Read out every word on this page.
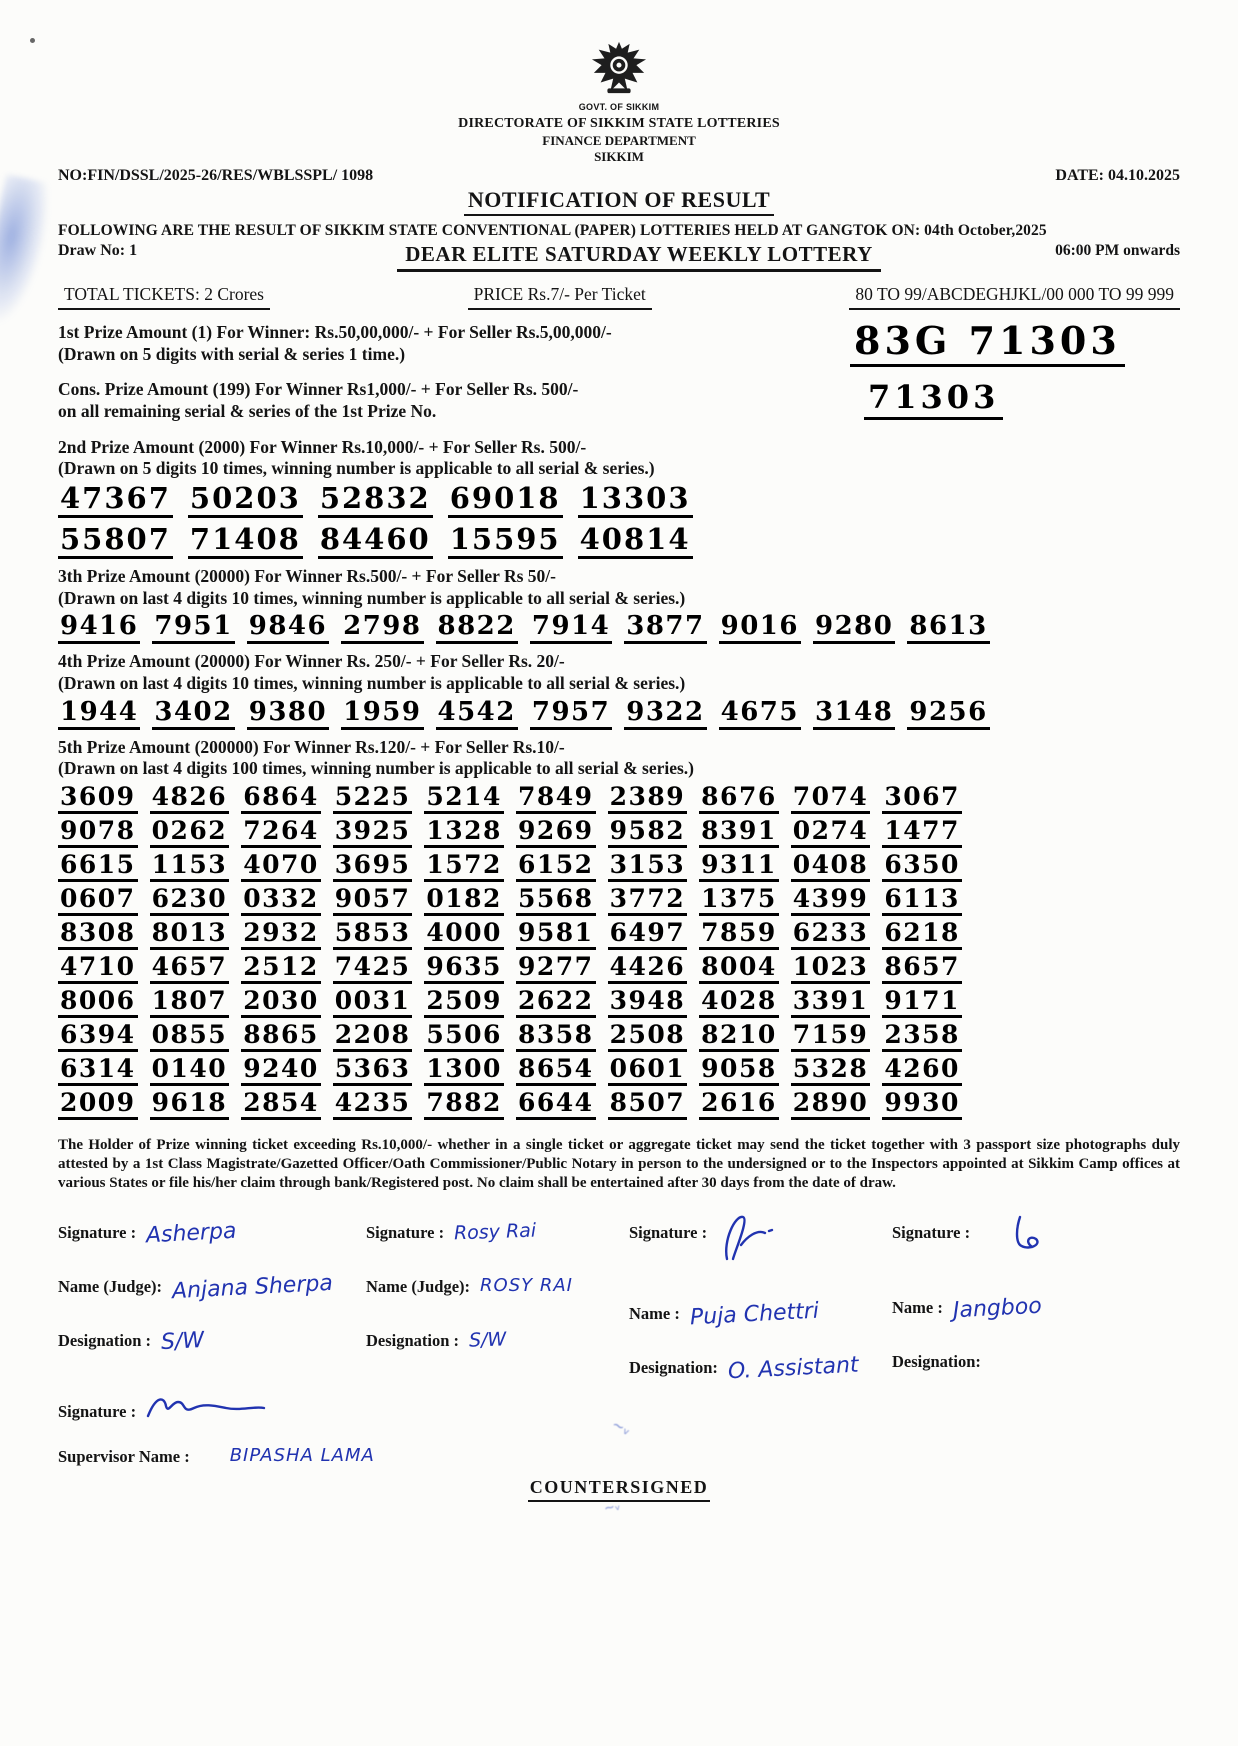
~ᵥ
~ᵥ
GOVT. OF SIKKIM
DIRECTORATE OF SIKKIM STATE LOTTERIES
FINANCE DEPARTMENT
SIKKIM
NO:FIN/DSSL/2025-26/RES/WBLSSPL/ 1098	DATE: 04.10.2025
NOTIFICATION OF RESULT
FOLLOWING ARE THE RESULT OF SIKKIM STATE CONVENTIONAL (PAPER) LOTTERIES HELD AT GANGTOK ON: 04th October,2025
Draw No: 1	DEAR ELITE SATURDAY WEEKLY LOTTERY	06:00 PM onwards
TOTAL TICKETS: 2 Crores	PRICE Rs.7/- Per Ticket	80 TO 99/ABCDEGHJKL/00 000 TO 99 999
1st Prize Amount (1) For Winner: Rs.50,00,000/- + For Seller Rs.5,00,000/-
(Drawn on 5 digits with serial & series 1 time.)	83G 71303
Cons. Prize Amount (199) For Winner Rs1,000/- + For Seller Rs. 500/-
on all remaining serial & series of the 1st Prize No.	71303
2nd Prize Amount (2000) For Winner Rs.10,000/- + For Seller Rs. 500/-
(Drawn on 5 digits 10 times, winning number is applicable to all serial & series.)
47367 50203 52832 69018 13303
55807 71408 84460 15595 40814
3th Prize Amount (20000) For Winner Rs.500/- + For Seller Rs 50/-
(Drawn on last 4 digits 10 times, winning number is applicable to all serial & series.)
9416 7951 9846 2798 8822 7914 3877 9016 9280 8613
4th Prize Amount (20000) For Winner Rs. 250/- + For Seller Rs. 20/-
(Drawn on last 4 digits 10 times, winning number is applicable to all serial & series.)
1944 3402 9380 1959 4542 7957 9322 4675 3148 9256
5th Prize Amount (200000) For Winner Rs.120/- + For Seller Rs.10/-
(Drawn on last 4 digits 100 times, winning number is applicable to all serial & series.)
3609 4826 6864 5225 5214 7849 2389 8676 7074 3067
9078 0262 7264 3925 1328 9269 9582 8391 0274 1477
6615 1153 4070 3695 1572 6152 3153 9311 0408 6350
0607 6230 0332 9057 0182 5568 3772 1375 4399 6113
8308 8013 2932 5853 4000 9581 6497 7859 6233 6218
4710 4657 2512 7425 9635 9277 4426 8004 1023 8657
8006 1807 2030 0031 2509 2622 3948 4028 3391 9171
6394 0855 8865 2208 5506 8358 2508 8210 7159 2358
6314 0140 9240 5363 1300 8654 0601 9058 5328 4260
2009 9618 2854 4235 7882 6644 8507 2616 2890 9930
The Holder of Prize winning ticket exceeding Rs.10,000/- whether in a single ticket or aggregate ticket may send the ticket together with 3 passport size photographs duly attested by a 1st Class Magistrate/Gazetted Officer/Oath Commissioner/Public Notary in person to the undersigned or to the Inspectors appointed at Sikkim Camp offices at various States or file his/her claim through bank/Registered post. No claim shall be entertained after 30 days from the date of draw.
Signature : Asherpa
Name (Judge): Anjana Sherpa
Designation : S/W
Signature : Rosy Rai
Name (Judge): ROSY RAI
Designation : S/W
Signature :
Name : Puja Chettri
Designation: O. Assistant
Signature :
Name : Jangboo
Designation:
Signature :
Supervisor Name : BIPASHA LAMA
COUNTERSIGNED
